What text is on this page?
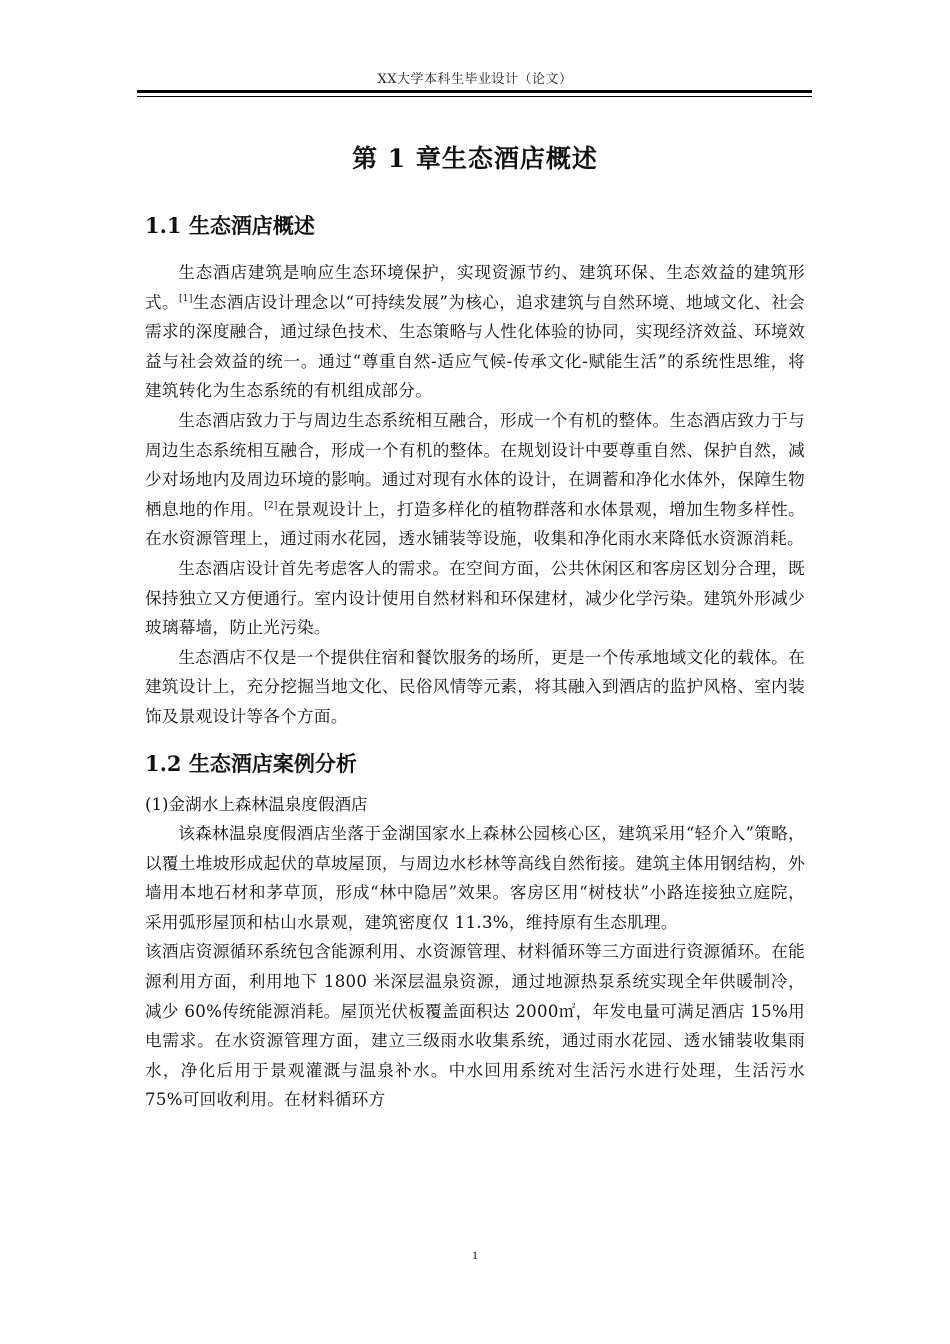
XX大学本科生毕业设计（论文）
第 1 章生态酒店概述
1.1 生态酒店概述

生态酒店建筑是响应生态环境保护，实现资源节约、建筑环保、生态效益的建筑形式。[1]生态酒店设计理念以“可持续发展”为核心，追求建筑与自然环境、地域文化、社会需求的深度融合，通过绿色技术、生态策略与人性化体验的协同，实现经济效益、环境效益与社会效益的统一。通过“尊重自然-适应气候-传承文化-赋能生活”的系统性思维，将建筑转化为生态系统的有机组成部分。

生态酒店致力于与周边生态系统相互融合，形成一个有机的整体。生态酒店致力于与周边生态系统相互融合，形成一个有机的整体。在规划设计中要尊重自然、保护自然，减少对场地内及周边环境的影响。通过对现有水体的设计，在调蓄和净化水体外，保障生物栖息地的作用。[2]在景观设计上，打造多样化的植物群落和水体景观，增加生物多样性。在水资源管理上，通过雨水花园，透水铺装等设施，收集和净化雨水来降低水资源消耗。

生态酒店设计首先考虑客人的需求。在空间方面，公共休闲区和客房区划分合理，既保持独立又方便通行。室内设计使用自然材料和环保建材，减少化学污染。建筑外形减少玻璃幕墙，防止光污染。

生态酒店不仅是一个提供住宿和餐饮服务的场所，更是一个传承地域文化的载体。在建筑设计上，充分挖掘当地文化、民俗风情等元素，将其融入到酒店的监护风格、室内装饰及景观设计等各个方面。

1.2 生态酒店案例分析

(1)金湖水上森林温泉度假酒店

该森林温泉度假酒店坐落于金湖国家水上森林公园核心区，建筑采用“轻介入”策略，以覆土堆坡形成起伏的草坡屋顶，与周边水杉林等高线自然衔接。建筑主体用钢结构，外墙用本地石材和茅草顶，形成“林中隐居”效果。客房区用“树枝状”小路连接独立庭院，采用弧形屋顶和枯山水景观，建筑密度仅 11.3%，维持原有生态肌理。

该酒店资源循环系统包含能源利用、水资源管理、材料循环等三方面进行资源循环。在能源利用方面，利用地下 1800 米深层温泉资源，通过地源热泵系统实现全年供暖制冷，减少 60%传统能源消耗。屋顶光伏板覆盖面积达 2000㎡，年发电量可满足酒店 15%用电需求。在水资源管理方面，建立三级雨水收集系统，通过雨水花园、透水铺装收集雨水，净化后用于景观灌溉与温泉补水。中水回用系统对生活污水进行处理，生活污水 75%可回收利用。在材料循环方

1
